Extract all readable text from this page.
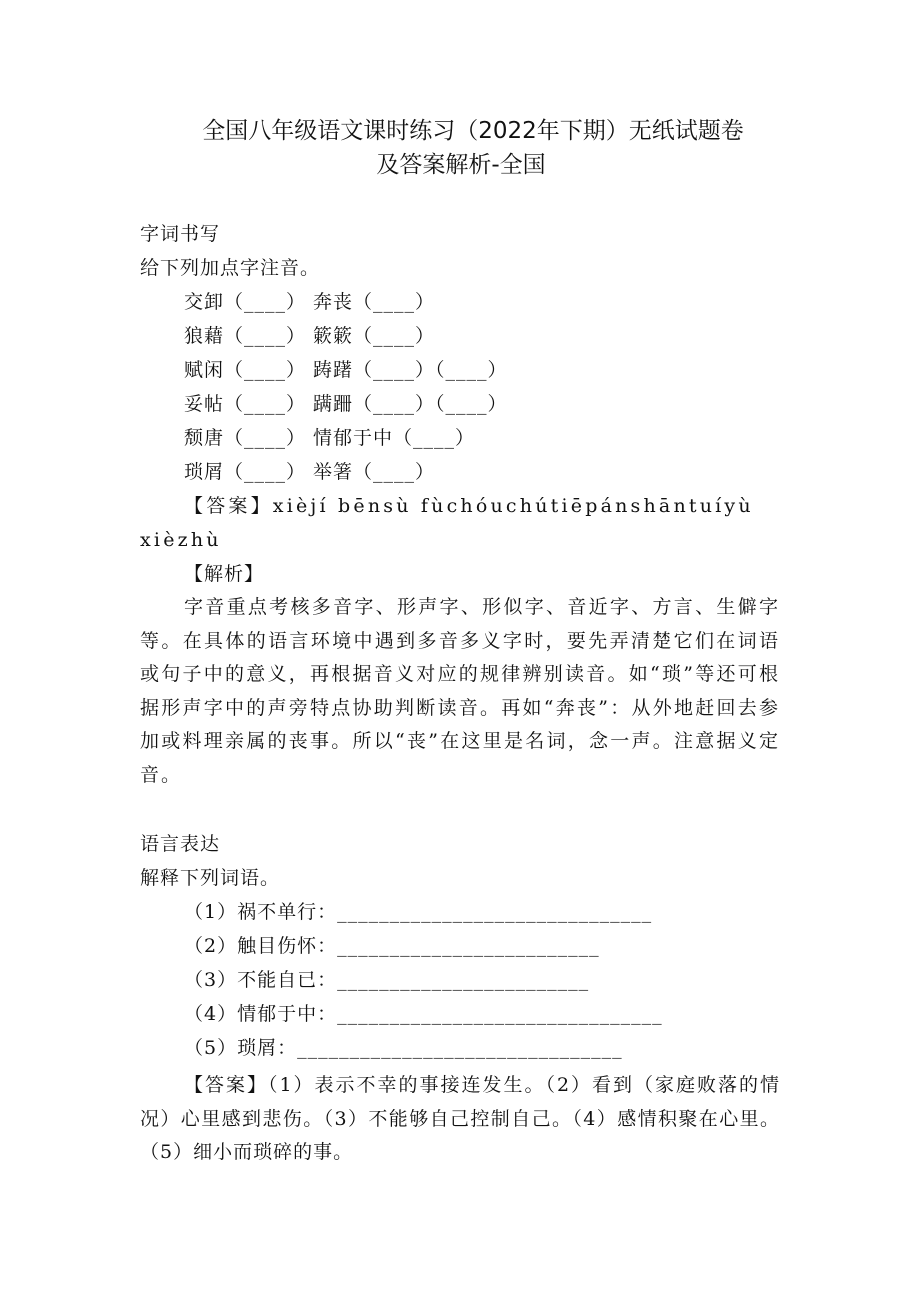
全国八年级语文课时练习（2022年下期）无纸试题卷
及答案解析-全国
字词书写
给下列加点字注音。
交卸（____） 奔丧（____）
狼藉（____） 簌簌（____）
赋闲（____） 踌躇（____）（____）
妥帖（____） 蹒跚（____）（____）
颓唐（____） 情郁于中（____）
琐屑（____） 举箸（____）
【答案】xièjí bēnsù fùchóuchútiēpánshāntuíyù
xièzhù
【解析】
字音重点考核多音字、形声字、形似字、音近字、方言、生僻字等。在具体的语言环境中遇到多音多义字时，要先弄清楚它们在词语或句子中的意义，再根据音义对应的规律辨别读音。如“琐”等还可根据形声字中的声旁特点协助判断读音。再如“奔丧”：从外地赶回去参加或料理亲属的丧事。所以“丧”在这里是名词，念一声。注意据义定音。
语言表达
解释下列词语。
（1）祸不单行：______________________________
（2）触目伤怀：_________________________
（3）不能自已：________________________
（4）情郁于中：_______________________________
（5）琐屑：_______________________________
【答案】（1）表示不幸的事接连发生。（2）看到（家庭败落的情况）心里感到悲伤。（3）不能够自己控制自己。（4）感情积聚在心里。（5）细小而琐碎的事。
